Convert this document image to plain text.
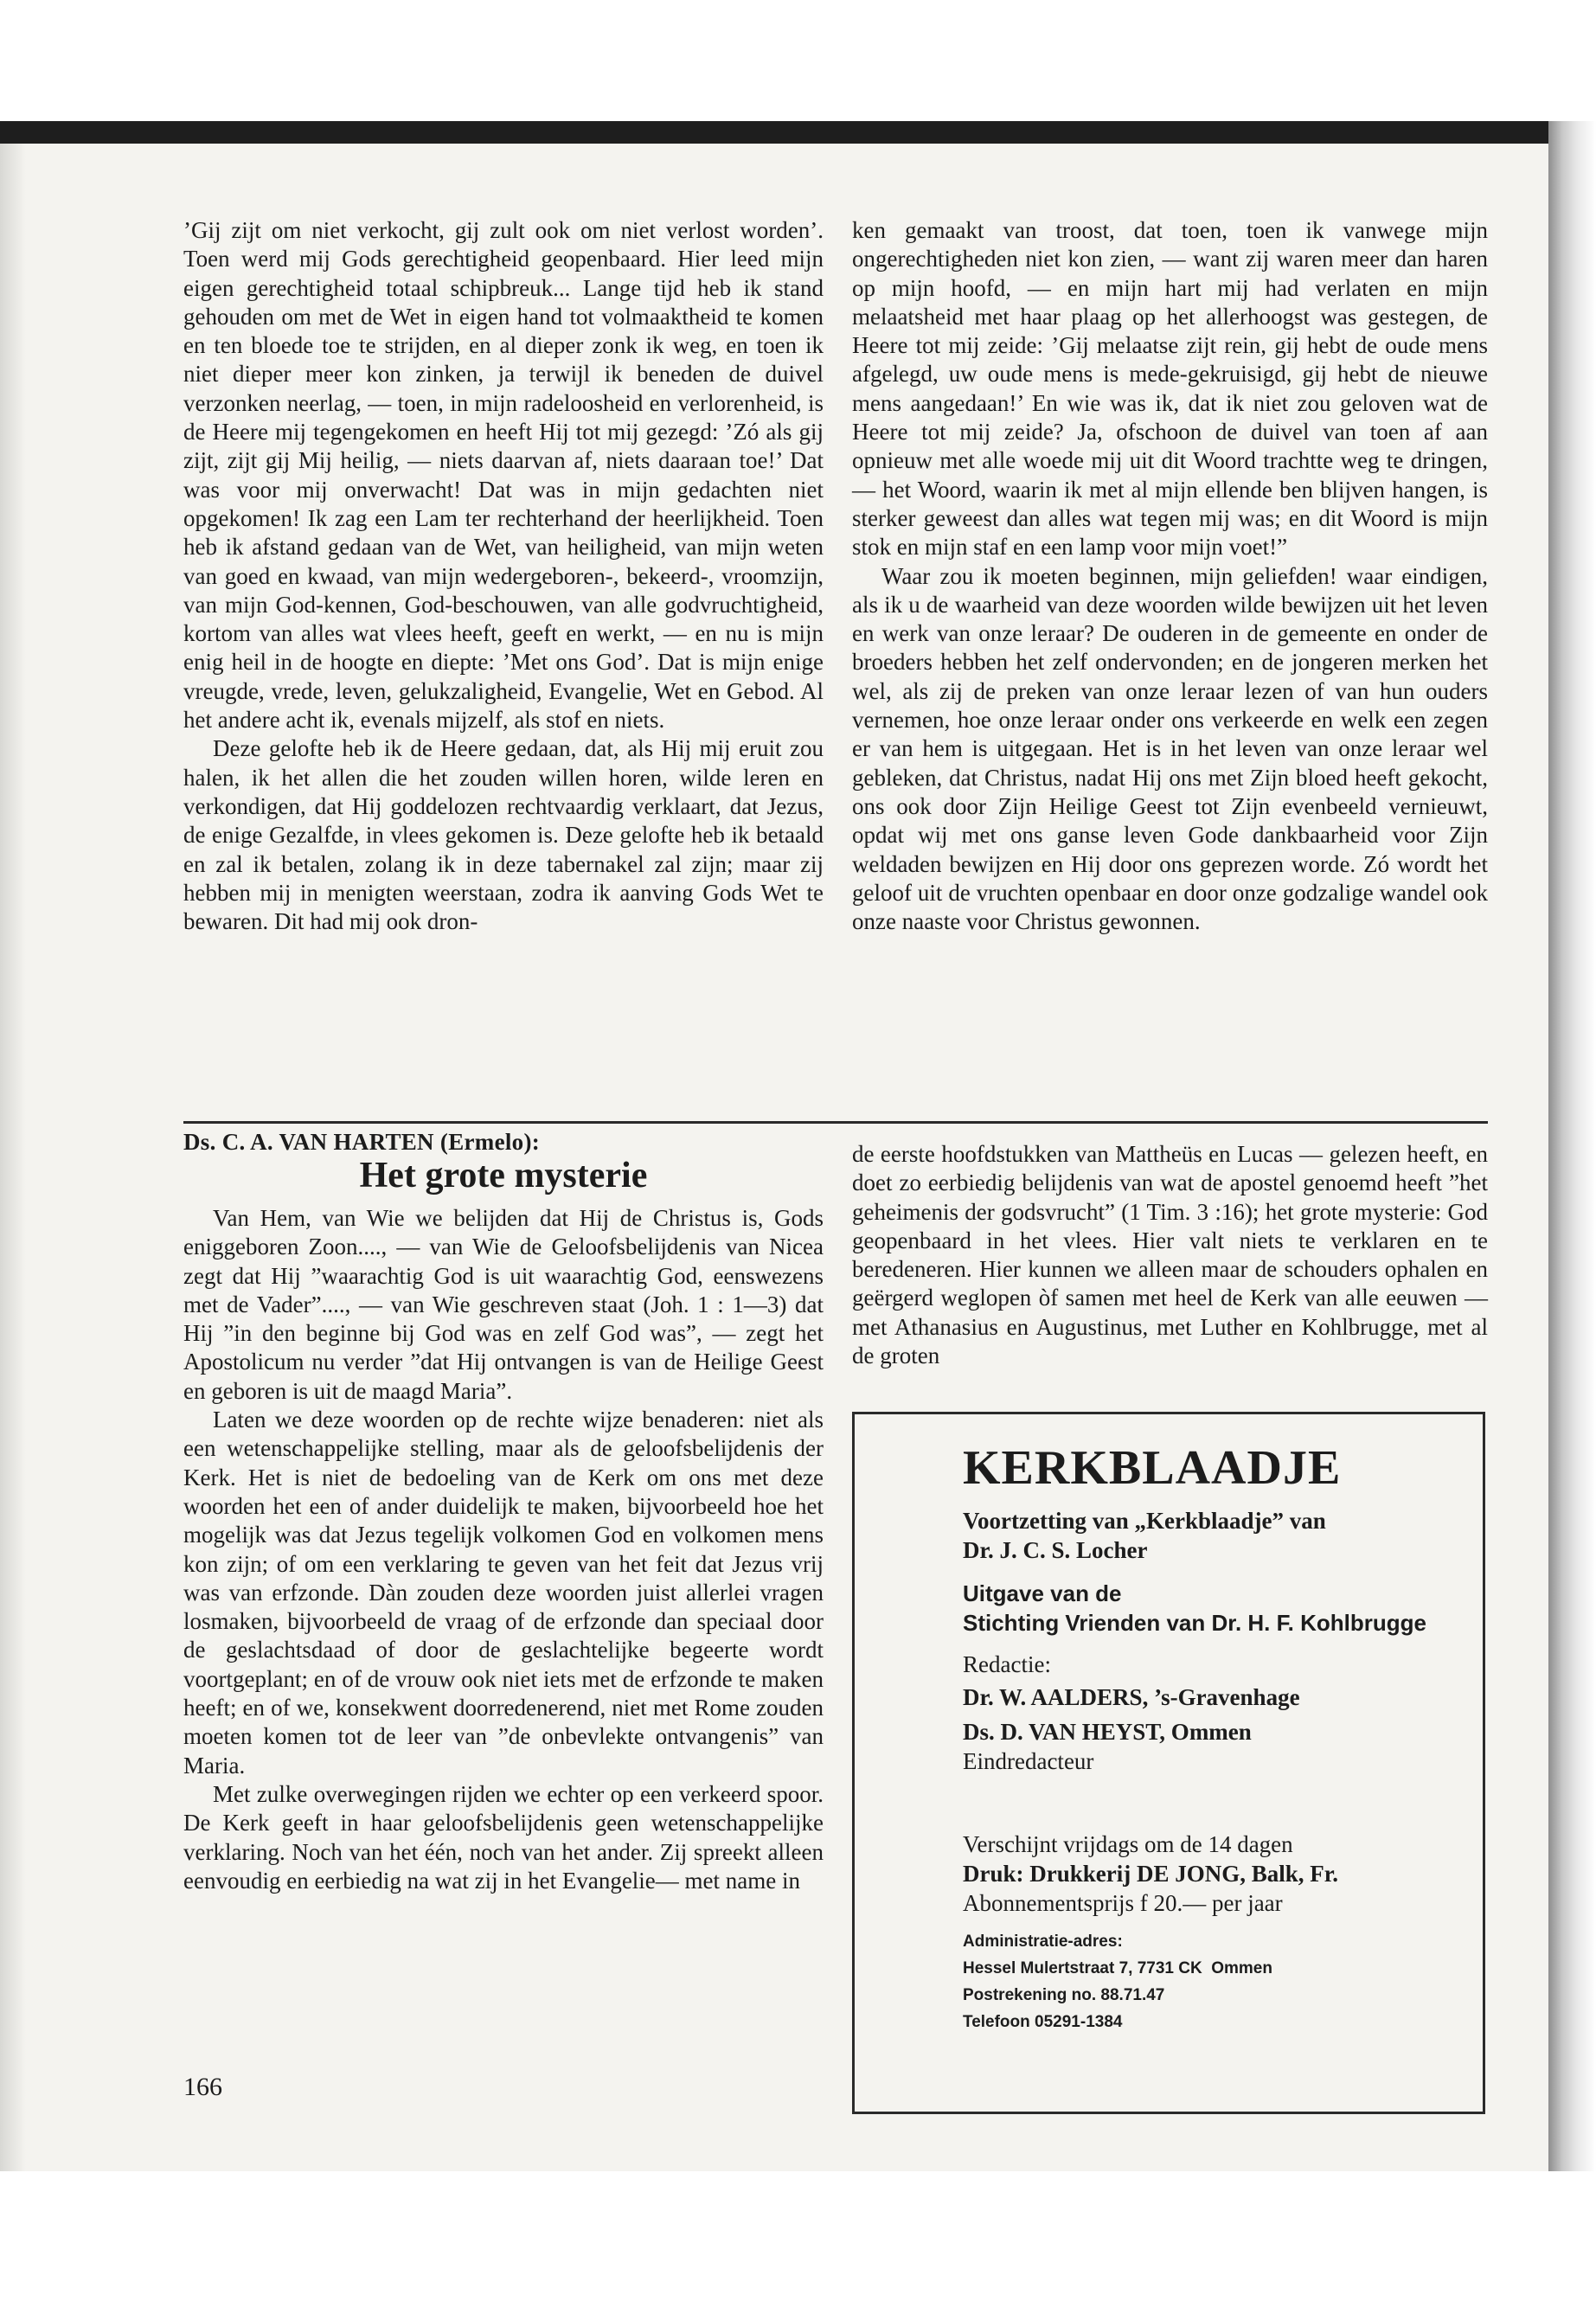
’Gij zijt om niet verkocht, gij zult ook om niet verlost worden’. Toen werd mij Gods gerechtigheid geopenbaard. Hier leed mijn eigen gerechtigheid totaal schipbreuk... Lange tijd heb ik stand gehouden om met de Wet in eigen hand tot volmaaktheid te komen en ten bloede toe te strijden, en al dieper zonk ik weg, en toen ik niet dieper meer kon zinken, ja terwijl ik beneden de duivel verzonken neerlag, — toen, in mijn radeloosheid en verlorenheid, is de Heere mij tegengekomen en heeft Hij tot mij gezegd: ’Zó als gij zijt, zijt gij Mij heilig, — niets daarvan af, niets daaraan toe!’ Dat was voor mij onverwacht! Dat was in mijn gedachten niet opgekomen! Ik zag een Lam ter rechterhand der heerlijkheid. Toen heb ik afstand gedaan van de Wet, van heiligheid, van mijn weten van goed en kwaad, van mijn wedergeboren-, bekeerd-, vroomzijn, van mijn God-kennen, God-beschouwen, van alle godvruchtigheid, kortom van alles wat vlees heeft, geeft en werkt, — en nu is mijn enig heil in de hoogte en diepte: ’Met ons God’. Dat is mijn enige vreugde, vrede, leven, gelukzaligheid, Evangelie, Wet en Gebod. Al het andere acht ik, evenals mijzelf, als stof en niets.

Deze gelofte heb ik de Heere gedaan, dat, als Hij mij eruit zou halen, ik het allen die het zouden willen horen, wilde leren en verkondigen, dat Hij goddelozen rechtvaardig verklaart, dat Jezus, de enige Gezalfde, in vlees gekomen is. Deze gelofte heb ik betaald en zal ik betalen, zolang ik in deze tabernakel zal zijn; maar zij hebben mij in menigten weerstaan, zodra ik aanving Gods Wet te bewaren. Dit had mij ook dron-

ken gemaakt van troost, dat toen, toen ik vanwege mijn ongerechtigheden niet kon zien, — want zij waren meer dan haren op mijn hoofd, — en mijn hart mij had verlaten en mijn melaatsheid met haar plaag op het allerhoogst was gestegen, de Heere tot mij zeide: ’Gij melaatse zijt rein, gij hebt de oude mens afgelegd, uw oude mens is mede-gekruisigd, gij hebt de nieuwe mens aangedaan!’ En wie was ik, dat ik niet zou geloven wat de Heere tot mij zeide? Ja, ofschoon de duivel van toen af aan opnieuw met alle woede mij uit dit Woord trachtte weg te dringen, — het Woord, waarin ik met al mijn ellende ben blijven hangen, is sterker geweest dan alles wat tegen mij was; en dit Woord is mijn stok en mijn staf en een lamp voor mijn voet!”

Waar zou ik moeten beginnen, mijn geliefden! waar eindigen, als ik u de waarheid van deze woorden wilde bewijzen uit het leven en werk van onze leraar? De ouderen in de gemeente en onder de broeders hebben het zelf ondervonden; en de jongeren merken het wel, als zij de preken van onze leraar lezen of van hun ouders vernemen, hoe onze leraar onder ons verkeerde en welk een zegen er van hem is uitgegaan. Het is in het leven van onze leraar wel gebleken, dat Christus, nadat Hij ons met Zijn bloed heeft gekocht, ons ook door Zijn Heilige Geest tot Zijn evenbeeld vernieuwt, opdat wij met ons ganse leven Gode dankbaarheid voor Zijn weldaden bewijzen en Hij door ons geprezen worde. Zó wordt het geloof uit de vruchten openbaar en door onze godzalige wandel ook onze naaste voor Christus gewonnen.

Ds. C. A. VAN HARTEN (Ermelo):
Het grote mysterie

Van Hem, van Wie we belijden dat Hij de Christus is, Gods eniggeboren Zoon...., — van Wie de Geloofsbelijdenis van Nicea zegt dat Hij ”waarachtig God is uit waarachtig God, eenswezens met de Vader”...., — van Wie geschreven staat (Joh. 1 : 1—3) dat Hij ”in den beginne bij God was en zelf God was”, — zegt het Apostolicum nu verder ”dat Hij ontvangen is van de Heilige Geest en geboren is uit de maagd Maria”.

Laten we deze woorden op de rechte wijze benaderen: niet als een wetenschappelijke stelling, maar als de geloofsbelijdenis der Kerk. Het is niet de bedoeling van de Kerk om ons met deze woorden het een of ander duidelijk te maken, bijvoorbeeld hoe het mogelijk was dat Jezus tegelijk volkomen God en volkomen mens kon zijn; of om een verklaring te geven van het feit dat Jezus vrij was van erfzonde. Dàn zouden deze woorden juist allerlei vragen losmaken, bijvoorbeeld de vraag of de erfzonde dan speciaal door de geslachtsdaad of door de geslachtelijke begeerte wordt voortgeplant; en of de vrouw ook niet iets met de erfzonde te maken heeft; en of we, konsekwent doorredenerend, niet met Rome zouden moeten komen tot de leer van ”de onbevlekte ontvangenis” van Maria.

Met zulke overwegingen rijden we echter op een verkeerd spoor. De Kerk geeft in haar geloofsbelijdenis geen wetenschappelijke verklaring. Noch van het één, noch van het ander. Zij spreekt alleen eenvoudig en eerbiedig na wat zij in het Evangelie— met name in

de eerste hoofdstukken van Mattheüs en Lucas — gelezen heeft, en doet zo eerbiedig belijdenis van wat de apostel genoemd heeft ”het geheimenis der godsvrucht” (1 Tim. 3 :16); het grote mysterie: God geopenbaard in het vlees. Hier valt niets te verklaren en te beredeneren. Hier kunnen we alleen maar de schouders ophalen en geërgerd weglopen òf samen met heel de Kerk van alle eeuwen — met Athanasius en Augustinus, met Luther en Kohlbrugge, met al de groten

166
KERKBLAADJE
Voortzetting van „Kerkblaadje” van
Dr. J. C. S. Locher
Uitgave van de
Stichting Vrienden van Dr. H. F. Kohlbrugge
Redactie:
Dr. W. AALDERS, ’s-Gravenhage
Ds. D. VAN HEYST, Ommen
Eindredacteur
Verschijnt vrijdags om de 14 dagen
Druk: Drukkerij DE JONG, Balk, Fr.
Abonnementsprijs f 20.— per jaar
Administratie-adres:
Hessel Mulertstraat 7, 7731 CK  Ommen
Postrekening no. 88.71.47
Telefoon 05291-1384
